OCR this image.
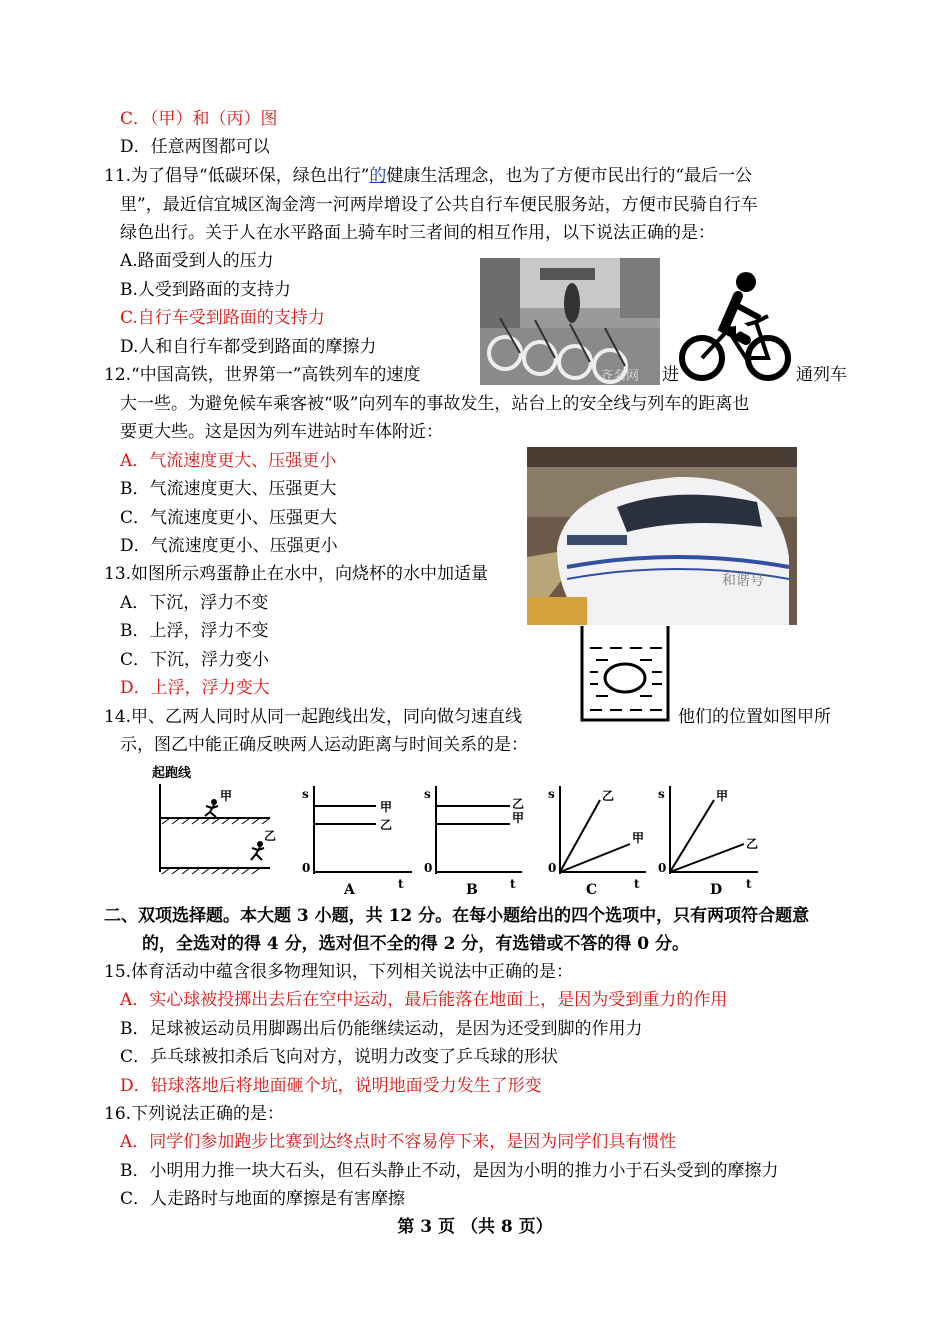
C．（甲）和（丙）图
D．任意两图都可以
11.为了倡导“低碳环保，绿色出行”的健康生活理念，也为了方便市民出行的“最后一公
里”，最近信宜城区淘金湾一河两岸增设了公共自行车便民服务站，方便市民骑自行车
绿色出行。关于人在水平路面上骑车时三者间的相互作用，以下说法正确的是：
A.路面受到人的压力
B.人受到路面的支持力
C.自行车受到路面的支持力
D.人和自行车都受到路面的摩擦力
齐名网
12.“中国高铁，世界第一”高铁列车的速度	进	通列车
大一些。为避免候车乘客被“吸”向列车的事故发生，站台上的安全线与列车的距离也
要更大些。这是因为列车进站时车体附近：
A．气流速度更大、压强更小
B．气流速度更大、压强更大
C．气流速度更小、压强更大
D．气流速度更小、压强更小
和谐号
13.如图所示鸡蛋静止在水中，向烧杯的水中加适量
A．下沉，浮力不变
B．上浮，浮力不变
C．下沉，浮力变小
D．上浮，浮力变大
14.甲、乙两人同时从同一起跑线出发，同向做匀速直线	他们的位置如图甲所
示，图乙中能正确反映两人运动距离与时间关系的是：
起跑线
甲
乙
s
0
t
甲
乙
A
s
0
t
乙
甲
B
s
0
t
乙
甲
C
s
0
t
甲
乙
D
二、双项选择题。本大题 3 小题，共 12 分。在每小题给出的四个选项中，只有两项符合题意
的，全选对的得 4 分，选对但不全的得 2 分，有选错或不答的得 0 分。
15.体育活动中蕴含很多物理知识，下列相关说法中正确的是：
A．实心球被投掷出去后在空中运动，最后能落在地面上，是因为受到重力的作用
B．足球被运动员用脚踢出后仍能继续运动，是因为还受到脚的作用力
C．乒乓球被扣杀后飞向对方，说明力改变了乒乓球的形状
D．铅球落地后将地面砸个坑，说明地面受力发生了形变
16.下列说法正确的是：
A．同学们参加跑步比赛到达终点时不容易停下来，是因为同学们具有惯性
B．小明用力推一块大石头，但石头静止不动，是因为小明的推力小于石头受到的摩擦力
C．人走路时与地面的摩擦是有害摩擦
第 3 页 （共 8 页）
